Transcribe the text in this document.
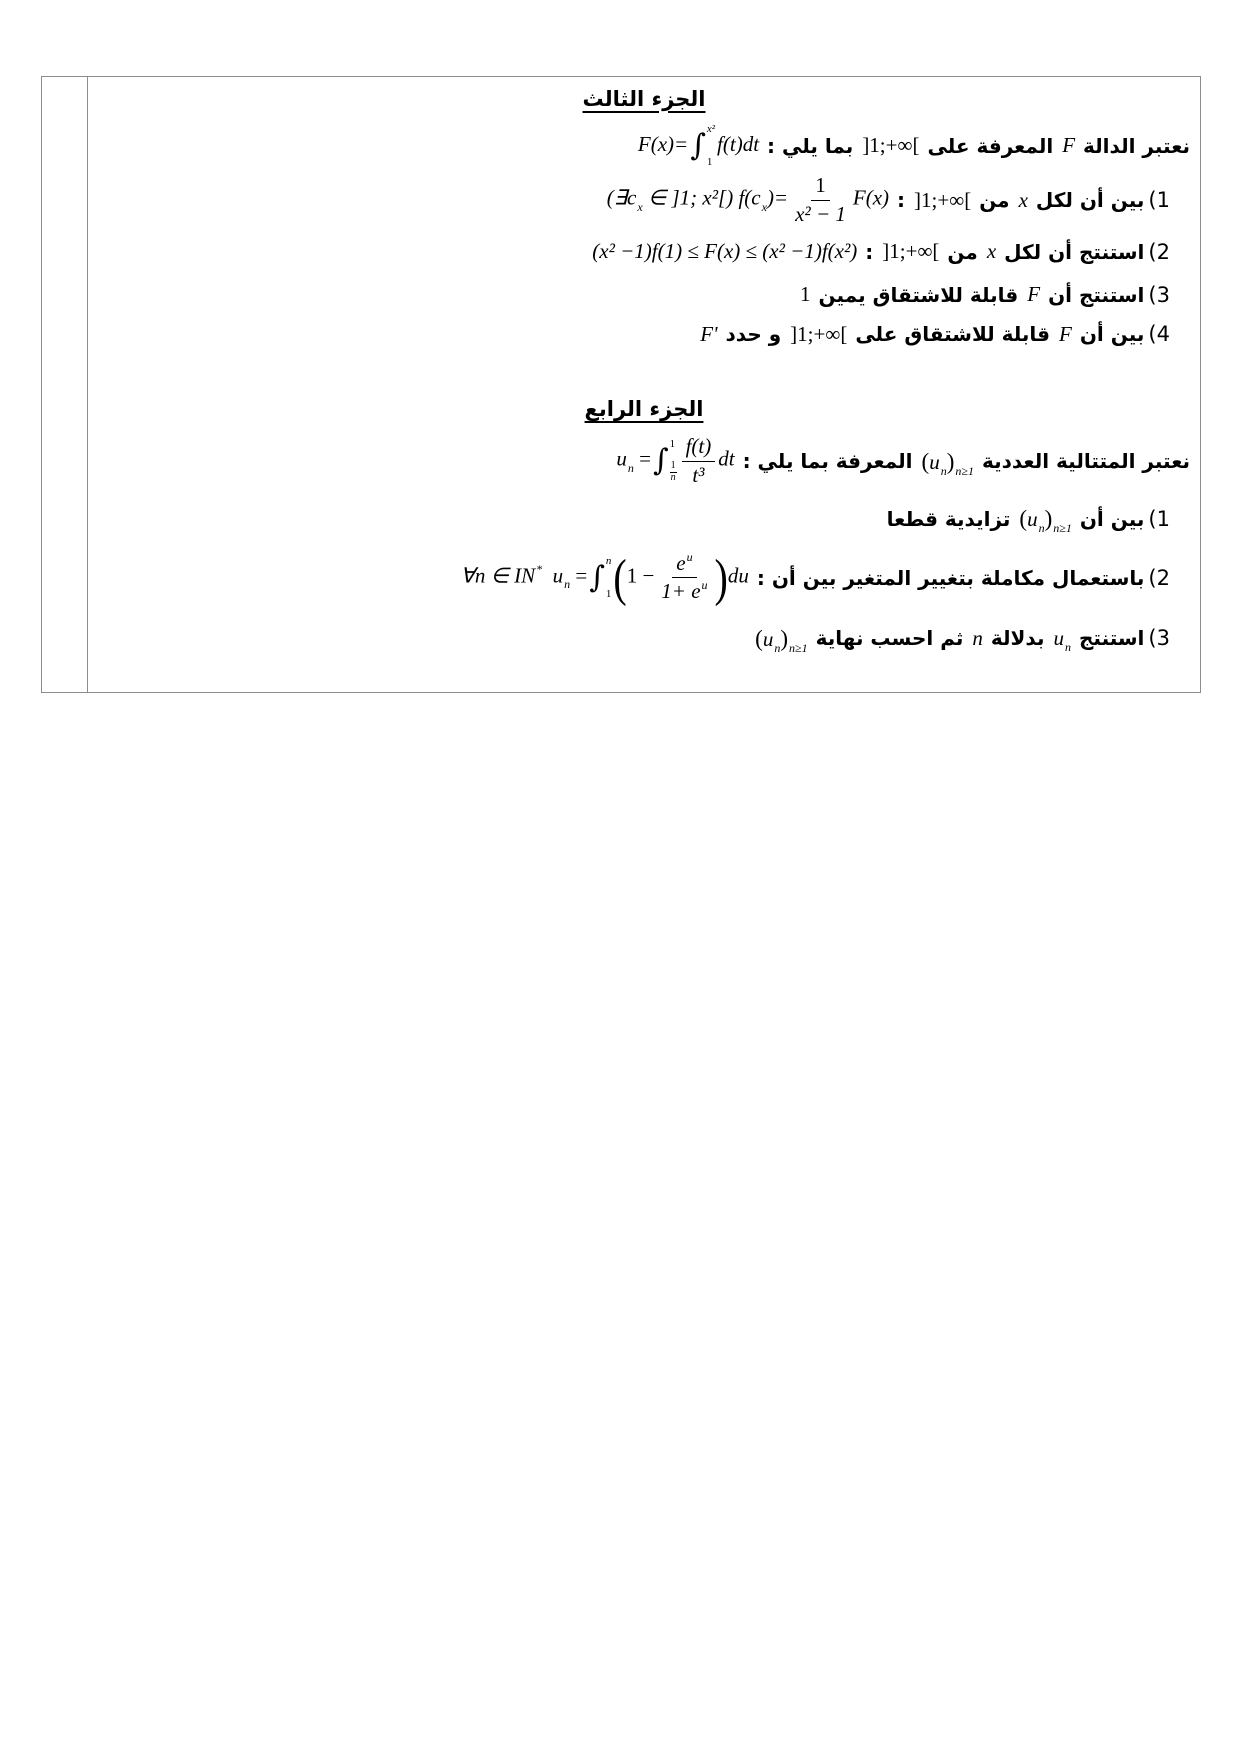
الجزء الثالث
نعتبر الدالة
F
المعرفة على
]1;+∞[
بما يلي :
F(x)= ∫ x²
1
f(t)dt
1)
بين أن لكل
x
من
]1;+∞[
:
($\exists c_x$ ∈ ]1; x²[) $f(c_x)= \frac{1}{\text{x² − 1}} F(x)$
2)
استنتج أن لكل
x
من
]1;+∞[
:
(x² −1)f(1) ≤ F(x) ≤ (x² −1)f(x²)
3)
استنتج أن
F
قابلة للاشتقاق يمين
1
4)
بين أن
F
قابلة للاشتقاق على
]1;+∞[
و حدد
F'
الجزء الرابع
نعتبر المتتالية العددية
$(u_n)_{n\ge 1}$
المعرفة بما يلي :
$u_n$ = ∫ 1
$\frac{1}{n} \frac{f(t)}{\text{t³}}$ dt
1)
بين أن
$(u_n)_{n\ge 1}$
تزايدية قطعا
2)
باستعمال مكاملة بتغيير المتغير بين أن :
∀n ∈ IN* $u_n$ = ∫ n
1 $(1 - \frac{e^u}{1+ e^u} )du$
3)
استنتج
$u_n$
بدلالة
n
ثم احسب نهاية
$(u_n)_{n\ge 1}$
